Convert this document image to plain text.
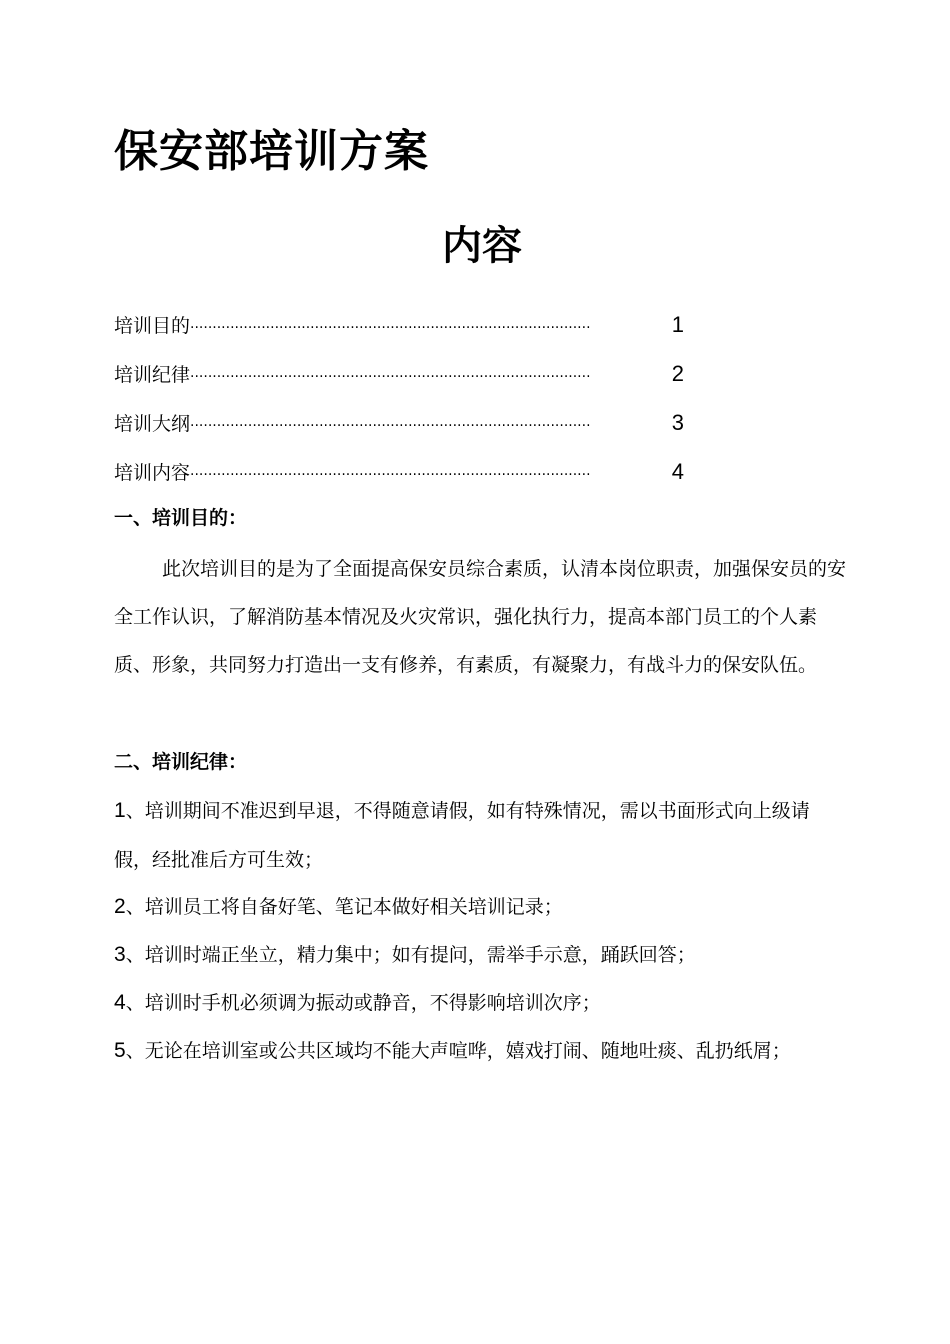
保安部培训方案
内容
培训目的 ··························································································	1
培训纪律 ··························································································	2
培训大纲 ··························································································	3
培训内容 ··························································································	4
一、培训目的：
此次培训目的是为了全面提高保安员综合素质，认清本岗位职责，加强保安员的安全工作认识，了解消防基本情况及火灾常识，强化执行力，提高本部门员工的个人素质、形象，共同努力打造出一支有修养，有素质，有凝聚力，有战斗力的保安队伍。
二、培训纪律：
1、培训期间不准迟到早退，不得随意请假，如有特殊情况，需以书面形式向上级请假，经批准后方可生效；
2、培训员工将自备好笔、笔记本做好相关培训记录；
3、培训时端正坐立，精力集中；如有提问，需举手示意，踊跃回答；
4、培训时手机必须调为振动或静音，不得影响培训次序；
5、无论在培训室或公共区域均不能大声喧哗，嬉戏打闹、随地吐痰、乱扔纸屑；
